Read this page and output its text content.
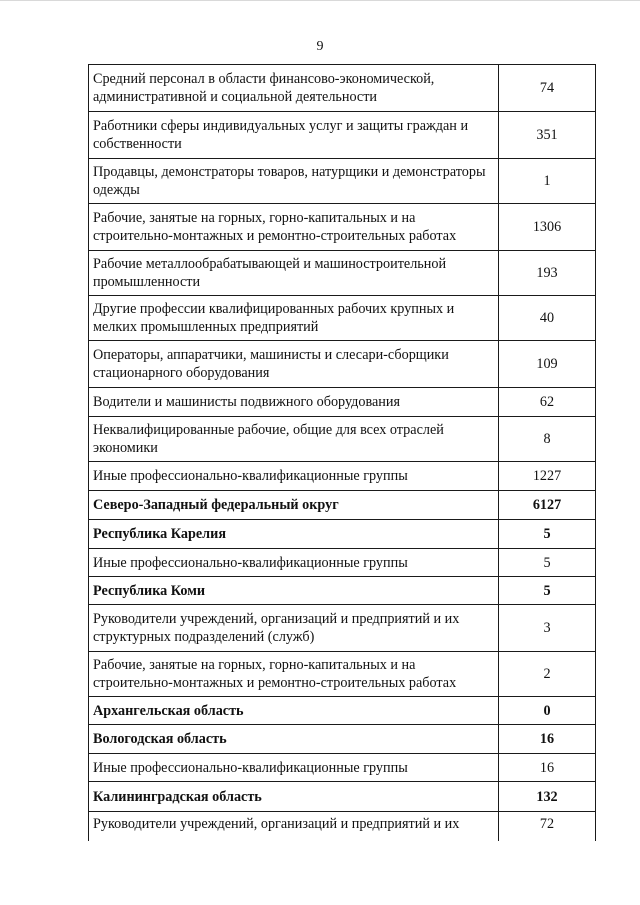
9
Средний персонал в области финансово-экономической, административной и социальной деятельности	74
Работники сферы индивидуальных услуг и защиты граждан и собственности	351
Продавцы, демонстраторы товаров, натурщики и демонстраторы одежды	1
Рабочие, занятые на горных, горно-капитальных и на строительно-монтажных и ремонтно-строительных работах	1306
Рабочие металлообрабатывающей и машиностроительной промышленности	193
Другие профессии квалифицированных рабочих крупных и мелких промышленных предприятий	40
Операторы, аппаратчики, машинисты и слесари-сборщики стационарного оборудования	109
Водители и машинисты подвижного оборудования	62
Неквалифицированные рабочие, общие для всех отраслей экономики	8
Иные профессионально-квалификационные группы	1227
Северо-Западный федеральный округ	6127
Республика Карелия	5
Иные профессионально-квалификационные группы	5
Республика Коми	5
Руководители учреждений, организаций и предприятий и их структурных подразделений (служб)	3
Рабочие, занятые на горных, горно-капитальных и на строительно-монтажных и ремонтно-строительных работах	2
Архангельская область	0
Вологодская область	16
Иные профессионально-квалификационные группы	16
Калининградская область	132
Руководители учреждений, организаций и предприятий и их	72
